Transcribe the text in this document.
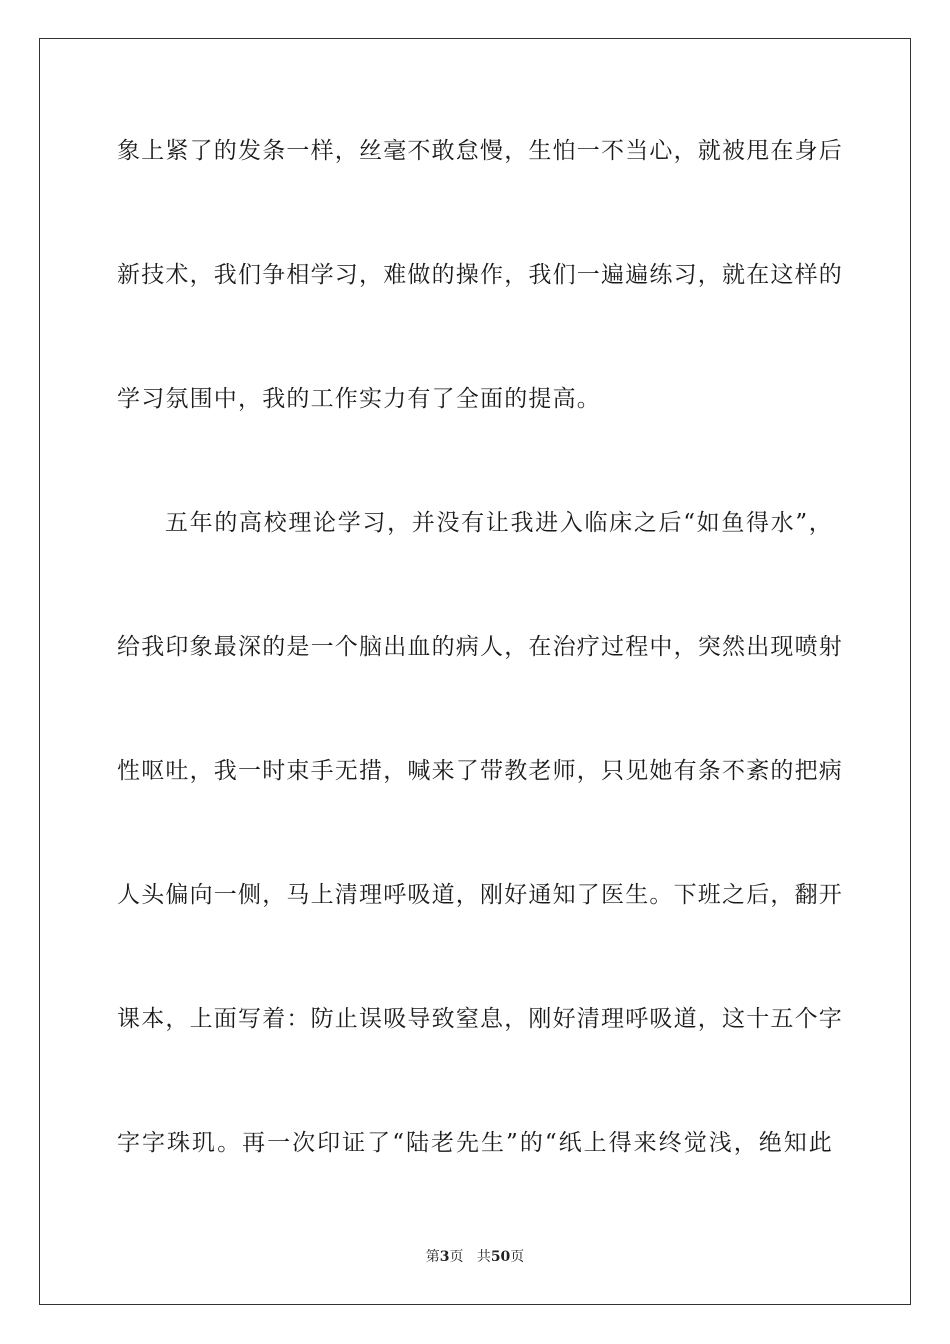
象上紧了的发条一样，丝毫不敢怠慢，生怕一不当心，就被甩在身后
新技术，我们争相学习，难做的操作，我们一遍遍练习，就在这样的
学习氛围中，我的工作实力有了全面的提高。
五年的高校理论学习，并没有让我进入临床之后“如鱼得水”，
给我印象最深的是一个脑出血的病人，在治疗过程中，突然出现喷射
性呕吐，我一时束手无措，喊来了带教老师，只见她有条不紊的把病
人头偏向一侧，马上清理呼吸道，刚好通知了医生。下班之后，翻开
课本，上面写着：防止误吸导致窒息，刚好清理呼吸道，这十五个字
字字珠玑。再一次印证了“陆老先生”的“纸上得来终觉浅，绝知此
第3页 共50页
